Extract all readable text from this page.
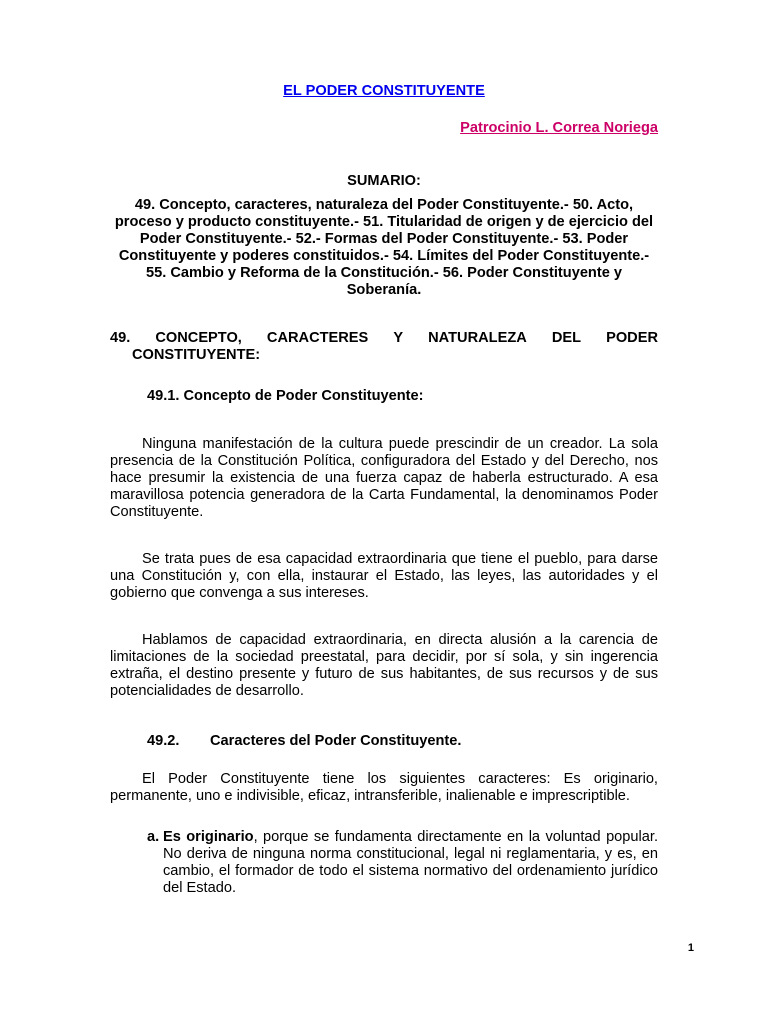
EL PODER CONSTITUYENTE
Patrocinio L. Correa Noriega
SUMARIO:
49. Concepto, caracteres, naturaleza del Poder Constituyente.- 50. Acto, proceso y producto constituyente.- 51. Titularidad de origen y de ejercicio del Poder Constituyente.- 52.- Formas del Poder Constituyente.- 53. Poder Constituyente y poderes constituidos.- 54. Límites del Poder Constituyente.- 55. Cambio y Reforma de la Constitución.- 56. Poder Constituyente y Soberanía.
49. CONCEPTO, CARACTERES Y NATURALEZA DEL PODER
CONSTITUYENTE:
49.1. Concepto de Poder Constituyente:
Ninguna manifestación de la cultura puede prescindir de un creador. La sola presencia de la Constitución Política, configuradora del Estado y del Derecho, nos hace presumir la existencia de una fuerza capaz de haberla estructurado. A esa maravillosa potencia generadora de la Carta Fundamental, la denominamos Poder Constituyente.
Se trata pues de esa capacidad extraordinaria que tiene el pueblo, para darse una Constitución y, con ella, instaurar el Estado, las leyes, las autoridades y el gobierno que convenga a sus intereses.
Hablamos de capacidad extraordinaria, en directa alusión a la carencia de limitaciones de la sociedad preestatal, para decidir, por sí sola, y sin ingerencia extraña, el destino presente y futuro de sus habitantes, de sus recursos y de sus potencialidades de desarrollo.
49.2. Caracteres del Poder Constituyente.
El Poder Constituyente tiene los siguientes caracteres: Es originario, permanente, uno e indivisible, eficaz, intransferible, inalienable e imprescriptible.
a. Es originario, porque se fundamenta directamente en la voluntad popular. No deriva de ninguna norma constitucional, legal ni reglamentaria, y es, en cambio, el formador de todo el sistema normativo del ordenamiento jurídico del Estado.
1
